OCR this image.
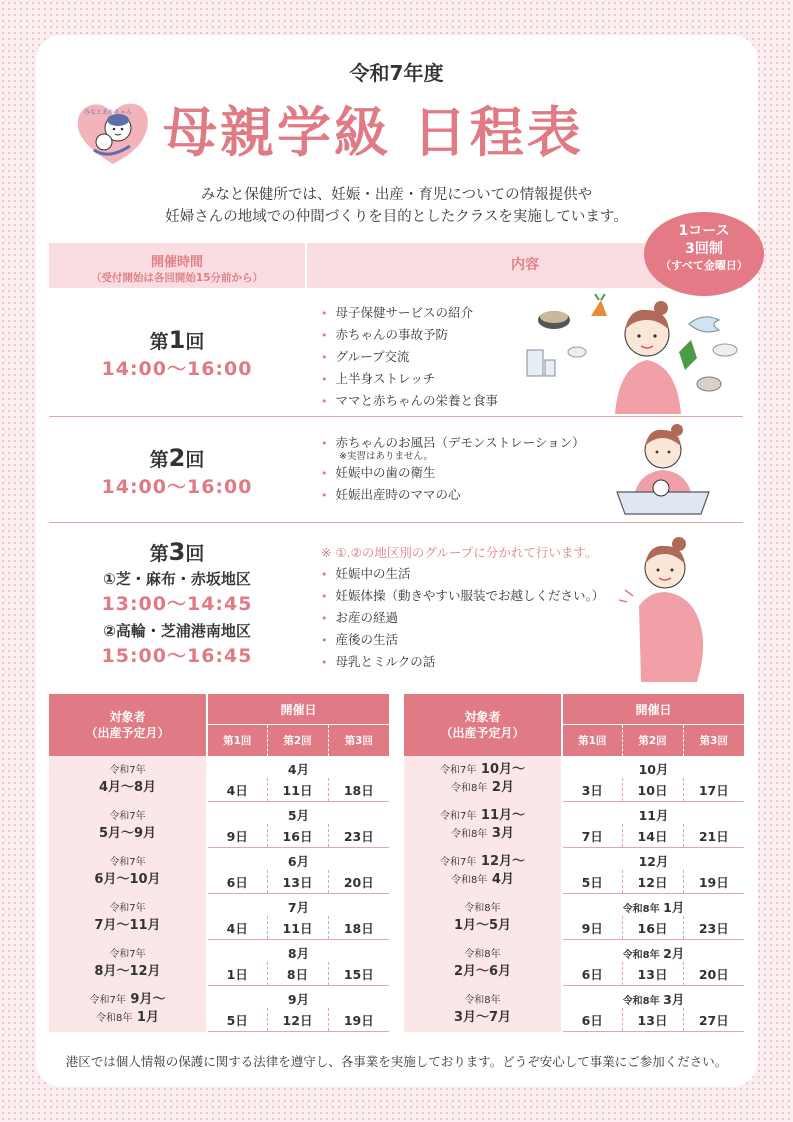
令和7年度
みなとあかちゃん 母親学級 日程表
みなと保健所では、妊娠・出産・育児についての情報提供や
妊婦さんの地域での仲間づくりを目的としたクラスを実施しています。
開催時間
（受付開始は各回開始15分前から）
内容
1コース
3回制
（すべて金曜日）
第1回
14:00～16:00
• 母子保健サービスの紹介
• 赤ちゃんの事故予防
• グループ交流
• 上半身ストレッチ
• ママと赤ちゃんの栄養と食事
第2回
14:00～16:00
• 赤ちゃんのお風呂（デモンストレーション）
※実習はありません。
• 妊娠中の歯の衛生
• 妊娠出産時のママの心
第3回
①芝・麻布・赤坂地区
13:00～14:45
②高輪・芝浦港南地区
15:00～16:45
※ ①.②の地区別のグループに分かれて行います。
• 妊娠中の生活
• 妊娠体操（動きやすい服装でお越しください。）
• お産の経過
• 産後の生活
• 母乳とミルクの話
対象者
（出産予定月）	開催日		
	第1回	第2回	第3回

令和7年
4月～8月	4月		
	4日	11日	18日

令和7年
5月～9月	5月		
	9日	16日	23日

令和7年
6月～10月	6月		
	6日	13日	20日

令和7年
7月～11月	7月		
	4日	11日	18日

令和7年
8月～12月	8月		
	1日	8日	15日

令和7年 9月～
令和8年 1月	9月		
	5日	12日	19日
対象者
（出産予定月）	開催日		
	第1回	第2回	第3回

令和7年 10月～
令和8年 2月	10月		
	3日	10日	17日

令和7年 11月～
令和8年 3月	11月		
	7日	14日	21日

令和7年 12月～
令和8年 4月	12月		
	5日	12日	19日

令和8年
1月～5月	令和8年 1月		
	9日	16日	23日

令和8年
2月～6月	令和8年 2月		
	6日	13日	20日

令和8年
3月～7月	令和8年 3月		
	6日	13日	27日
港区では個人情報の保護に関する法律を遵守し、各事業を実施しております。どうぞ安心して事業にご参加ください。
